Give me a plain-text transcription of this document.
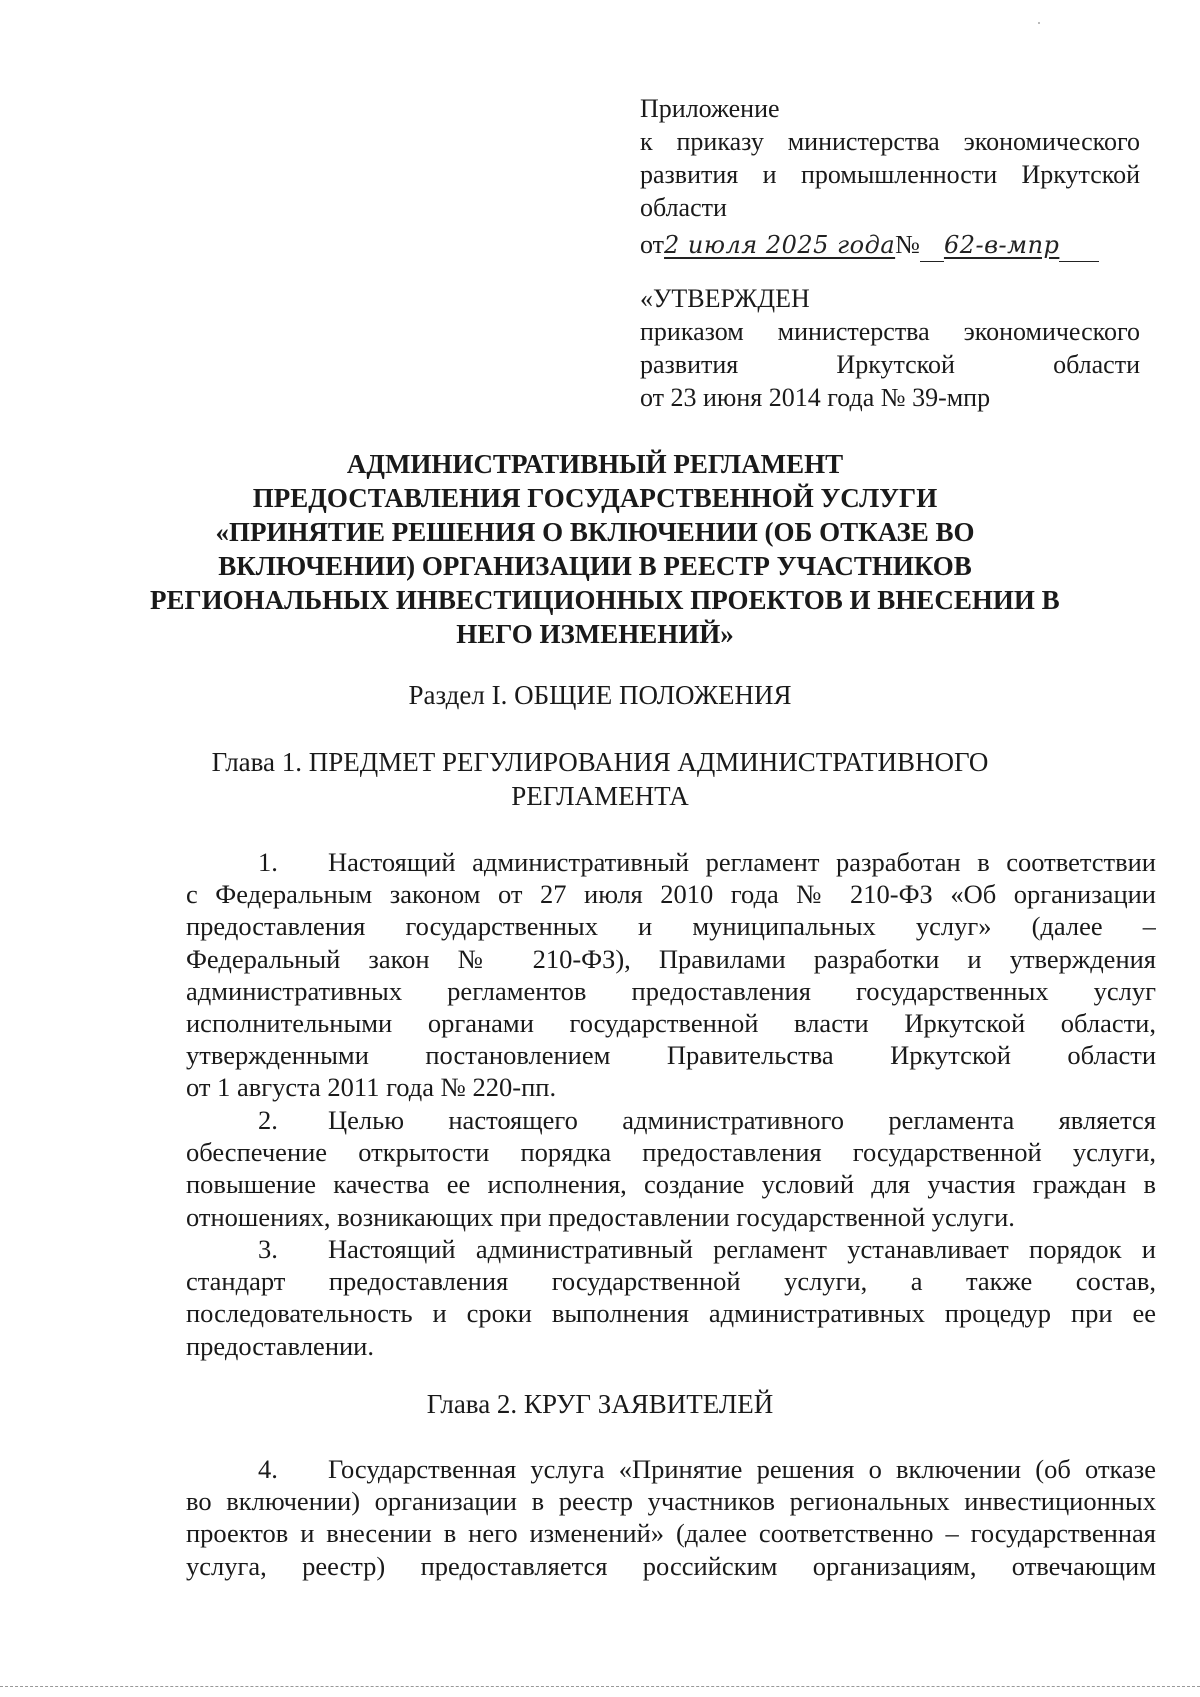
Приложение
к приказу министерства экономического
развития и промышленности Иркутской
области
от2 июля 2025 года№ 62-в-мпр
«УТВЕРЖДЕН
приказом министерства экономического
развития Иркутской области
от 23 июня 2014 года № 39-мпр
АДМИНИСТРАТИВНЫЙ РЕГЛАМЕНТ
ПРЕДОСТАВЛЕНИЯ ГОСУДАРСТВЕННОЙ УСЛУГИ
«ПРИНЯТИЕ РЕШЕНИЯ О ВКЛЮЧЕНИИ (ОБ ОТКАЗЕ ВО
ВКЛЮЧЕНИИ) ОРГАНИЗАЦИИ В РЕЕСТР УЧАСТНИКОВ
РЕГИОНАЛЬНЫХ ИНВЕСТИЦИОННЫХ ПРОЕКТОВ И ВНЕСЕНИИ В
НЕГО ИЗМЕНЕНИЙ»
Раздел I. ОБЩИЕ ПОЛОЖЕНИЯ
Глава 1. ПРЕДМЕТ РЕГУЛИРОВАНИЯ АДМИНИСТРАТИВНОГО
РЕГЛАМЕНТА
1. Настоящий административный регламент разработан в соответствии
с Федеральным законом от 27 июля 2010 года № 210-ФЗ «Об организации
предоставления государственных и муниципальных услуг» (далее –
Федеральный закон № 210-ФЗ), Правилами разработки и утверждения
административных регламентов предоставления государственных услуг
исполнительными органами государственной власти Иркутской области,
утвержденными постановлением Правительства Иркутской области
от 1 августа 2011 года № 220-пп.
2. Целью настоящего административного регламента является
обеспечение открытости порядка предоставления государственной услуги,
повышение качества ее исполнения, создание условий для участия граждан в
отношениях, возникающих при предоставлении государственной услуги.
3. Настоящий административный регламент устанавливает порядок и
стандарт предоставления государственной услуги, а также состав,
последовательность и сроки выполнения административных процедур при ее
предоставлении.
Глава 2. КРУГ ЗАЯВИТЕЛЕЙ
4. Государственная услуга «Принятие решения о включении (об отказе
во включении) организации в реестр участников региональных инвестиционных
проектов и внесении в него изменений» (далее соответственно – государственная
услуга, реестр) предоставляется российским организациям, отвечающим
